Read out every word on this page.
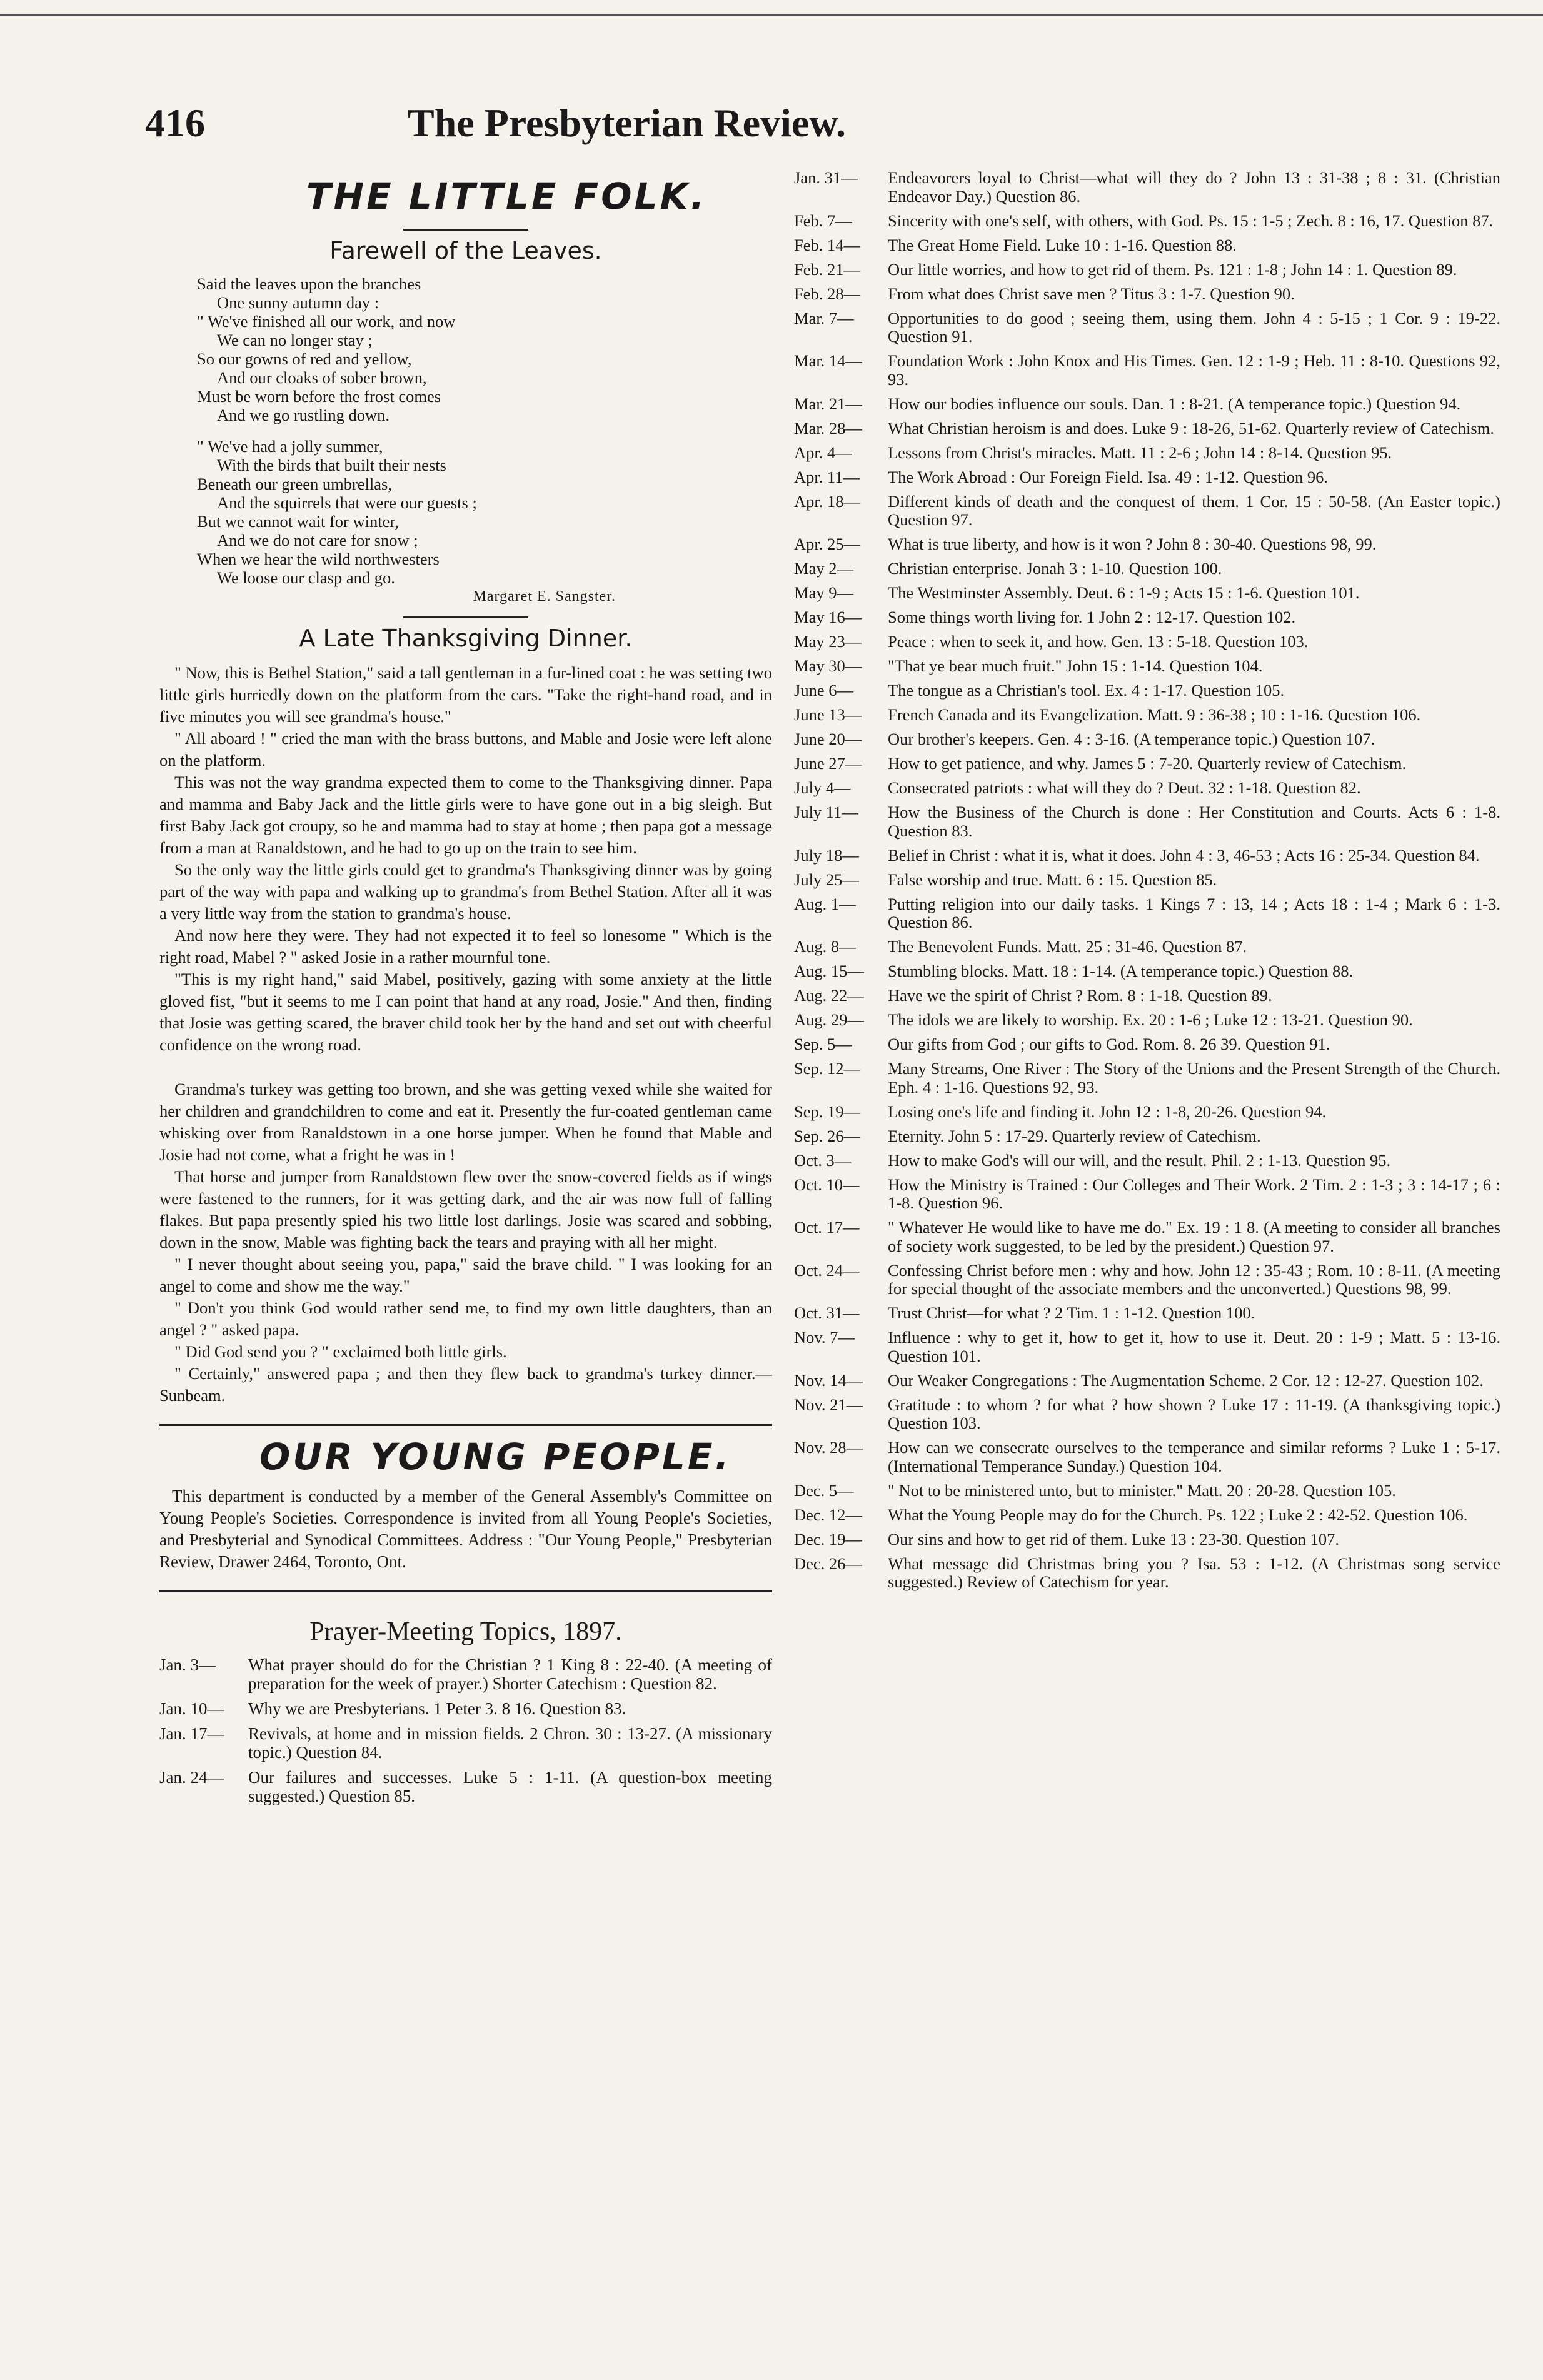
416	The Presbyterian Review.
THE LITTLE FOLK.
Farewell of the Leaves.
Said the leaves upon the branches
One sunny autumn day :
" We've finished all our work, and now
We can no longer stay ;
So our gowns of red and yellow,
And our cloaks of sober brown,
Must be worn before the frost comes
And we go rustling down.
" We've had a jolly summer,
With the birds that built their nests
Beneath our green umbrellas,
And the squirrels that were our guests ;
But we cannot wait for winter,
And we do not care for snow ;
When we hear the wild northwesters
We loose our clasp and go.
Margaret E. Sangster.
A Late Thanksgiving Dinner.

" Now, this is Bethel Station," said a tall gentleman in a fur-lined coat : he was setting two little girls hurriedly down on the platform from the cars. "Take the right-hand road, and in five minutes you will see grandma's house."

" All aboard ! " cried the man with the brass buttons, and Mable and Josie were left alone on the platform.

This was not the way grandma expected them to come to the Thanksgiving dinner. Papa and mamma and Baby Jack and the little girls were to have gone out in a big sleigh. But first Baby Jack got croupy, so he and mamma had to stay at home ; then papa got a message from a man at Ranaldstown, and he had to go up on the train to see him.

So the only way the little girls could get to grandma's Thanksgiving dinner was by going part of the way with papa and walking up to grandma's from Bethel Station. After all it was a very little way from the station to grandma's house.

And now here they were. They had not expected it to feel so lonesome " Which is the right road, Mabel ? " asked Josie in a rather mournful tone.

"This is my right hand," said Mabel, positively, gazing with some anxiety at the little gloved fist, "but it seems to me I can point that hand at any road, Josie." And then, finding that Josie was getting scared, the braver child took her by the hand and set out with cheerful confidence on the wrong road.

Grandma's turkey was getting too brown, and she was getting vexed while she waited for her children and grandchildren to come and eat it. Presently the fur-coated gentleman came whisking over from Ranaldstown in a one horse jumper. When he found that Mable and Josie had not come, what a fright he was in !

That horse and jumper from Ranaldstown flew over the snow-covered fields as if wings were fastened to the runners, for it was getting dark, and the air was now full of falling flakes. But papa presently spied his two little lost darlings. Josie was scared and sobbing, down in the snow, Mable was fighting back the tears and praying with all her might.

" I never thought about seeing you, papa," said the brave child. " I was looking for an angel to come and show me the way."

" Don't you think God would rather send me, to find my own little daughters, than an angel ? " asked papa.

" Did God send you ? " exclaimed both little girls.

" Certainly," answered papa ; and then they flew back to grandma's turkey dinner.— Sunbeam.

OUR YOUNG PEOPLE.

This department is conducted by a member of the General Assembly's Committee on Young People's Societies. Correspondence is invited from all Young People's Societies, and Presbyterial and Synodical Committees. Address : "Our Young People," Presbyterian Review, Drawer 2464, Toronto, Ont.

Prayer-Meeting Topics, 1897.
Jan. 3—	What prayer should do for the Christian ? 1 King 8 : 22-40. (A meeting of preparation for the week of prayer.) Shorter Catechism : Question 82.
Jan. 10—	Why we are Presbyterians. 1 Peter 3. 8 16. Question 83.
Jan. 17—	Revivals, at home and in mission fields. 2 Chron. 30 : 13-27. (A missionary topic.) Question 84.
Jan. 24—	Our failures and successes. Luke 5 : 1-11. (A question-box meeting suggested.) Question 85.
Jan. 31—	Endeavorers loyal to Christ—what will they do ? John 13 : 31-38 ; 8 : 31. (Christian Endeavor Day.) Question 86.
Feb. 7—	Sincerity with one's self, with others, with God. Ps. 15 : 1-5 ; Zech. 8 : 16, 17. Question 87.
Feb. 14—	The Great Home Field. Luke 10 : 1-16. Question 88.
Feb. 21—	Our little worries, and how to get rid of them. Ps. 121 : 1-8 ; John 14 : 1. Question 89.
Feb. 28—	From what does Christ save men ? Titus 3 : 1-7. Question 90.
Mar. 7—	Opportunities to do good ; seeing them, using them. John 4 : 5-15 ; 1 Cor. 9 : 19-22. Question 91.
Mar. 14—	Foundation Work : John Knox and His Times. Gen. 12 : 1-9 ; Heb. 11 : 8-10. Questions 92, 93.
Mar. 21—	How our bodies influence our souls. Dan. 1 : 8-21. (A temperance topic.) Question 94.
Mar. 28—	What Christian heroism is and does. Luke 9 : 18-26, 51-62. Quarterly review of Catechism.
Apr. 4—	Lessons from Christ's miracles. Matt. 11 : 2-6 ; John 14 : 8-14. Question 95.
Apr. 11—	The Work Abroad : Our Foreign Field. Isa. 49 : 1-12. Question 96.
Apr. 18—	Different kinds of death and the conquest of them. 1 Cor. 15 : 50-58. (An Easter topic.) Question 97.
Apr. 25—	What is true liberty, and how is it won ? John 8 : 30-40. Questions 98, 99.
May 2—	Christian enterprise. Jonah 3 : 1-10. Question 100.
May 9—	The Westminster Assembly. Deut. 6 : 1-9 ; Acts 15 : 1-6. Question 101.
May 16—	Some things worth living for. 1 John 2 : 12-17. Question 102.
May 23—	Peace : when to seek it, and how. Gen. 13 : 5-18. Question 103.
May 30—	"That ye bear much fruit." John 15 : 1-14. Question 104.
June 6—	The tongue as a Christian's tool. Ex. 4 : 1-17. Question 105.
June 13—	French Canada and its Evangelization. Matt. 9 : 36-38 ; 10 : 1-16. Question 106.
June 20—	Our brother's keepers. Gen. 4 : 3-16. (A temperance topic.) Question 107.
June 27—	How to get patience, and why. James 5 : 7-20. Quarterly review of Catechism.
July 4—	Consecrated patriots : what will they do ? Deut. 32 : 1-18. Question 82.
July 11—	How the Business of the Church is done : Her Constitution and Courts. Acts 6 : 1-8. Question 83.
July 18—	Belief in Christ : what it is, what it does. John 4 : 3, 46-53 ; Acts 16 : 25-34. Question 84.
July 25—	False worship and true. Matt. 6 : 15. Question 85.
Aug. 1—	Putting religion into our daily tasks. 1 Kings 7 : 13, 14 ; Acts 18 : 1-4 ; Mark 6 : 1-3. Question 86.
Aug. 8—	The Benevolent Funds. Matt. 25 : 31-46. Question 87.
Aug. 15—	Stumbling blocks. Matt. 18 : 1-14. (A temperance topic.) Question 88.
Aug. 22—	Have we the spirit of Christ ? Rom. 8 : 1-18. Question 89.
Aug. 29—	The idols we are likely to worship. Ex. 20 : 1-6 ; Luke 12 : 13-21. Question 90.
Sep. 5—	Our gifts from God ; our gifts to God. Rom. 8. 26 39. Question 91.
Sep. 12—	Many Streams, One River : The Story of the Unions and the Present Strength of the Church. Eph. 4 : 1-16. Questions 92, 93.
Sep. 19—	Losing one's life and finding it. John 12 : 1-8, 20-26. Question 94.
Sep. 26—	Eternity. John 5 : 17-29. Quarterly review of Catechism.
Oct. 3—	How to make God's will our will, and the result. Phil. 2 : 1-13. Question 95.
Oct. 10—	How the Ministry is Trained : Our Colleges and Their Work. 2 Tim. 2 : 1-3 ; 3 : 14-17 ; 6 : 1-8. Question 96.
Oct. 17—	" Whatever He would like to have me do." Ex. 19 : 1 8. (A meeting to consider all branches of society work suggested, to be led by the president.) Question 97.
Oct. 24—	Confessing Christ before men : why and how. John 12 : 35-43 ; Rom. 10 : 8-11. (A meeting for special thought of the associate members and the unconverted.) Questions 98, 99.
Oct. 31—	Trust Christ—for what ? 2 Tim. 1 : 1-12. Question 100.
Nov. 7—	Influence : why to get it, how to get it, how to use it. Deut. 20 : 1-9 ; Matt. 5 : 13-16. Question 101.
Nov. 14—	Our Weaker Congregations : The Augmentation Scheme. 2 Cor. 12 : 12-27. Question 102.
Nov. 21—	Gratitude : to whom ? for what ? how shown ? Luke 17 : 11-19. (A thanksgiving topic.) Question 103.
Nov. 28—	How can we consecrate ourselves to the temperance and similar reforms ? Luke 1 : 5-17. (International Temperance Sunday.) Question 104.
Dec. 5—	" Not to be ministered unto, but to minister." Matt. 20 : 20-28. Question 105.
Dec. 12—	What the Young People may do for the Church. Ps. 122 ; Luke 2 : 42-52. Question 106.
Dec. 19—	Our sins and how to get rid of them. Luke 13 : 23-30. Question 107.
Dec. 26—	What message did Christmas bring you ? Isa. 53 : 1-12. (A Christmas song service suggested.) Review of Catechism for year.
